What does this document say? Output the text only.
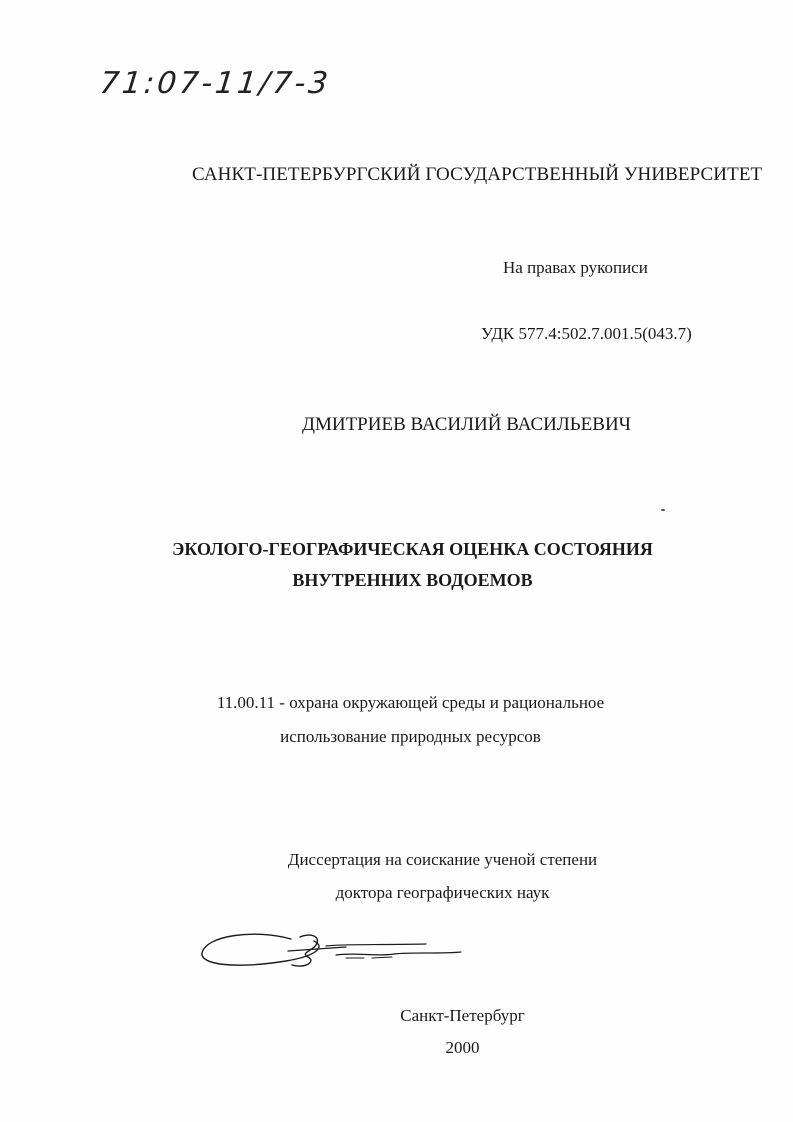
71:07-11/7-3
САНКТ-ПЕТЕРБУРГСКИЙ ГОСУДАРСТВЕННЫЙ УНИВЕРСИТЕТ
На правах рукописи
УДК 577.4:502.7.001.5(043.7)
ДМИТРИЕВ ВАСИЛИЙ ВАСИЛЬЕВИЧ
ЭКОЛОГО-ГЕОГРАФИЧЕСКАЯ ОЦЕНКА СОСТОЯНИЯ
ВНУТРЕННИХ ВОДОЕМОВ
11.00.11 - охрана окружающей среды и рациональное
использование природных ресурсов
Диссертация на соискание ученой степени
доктора географических наук
Санкт-Петербург
2000
